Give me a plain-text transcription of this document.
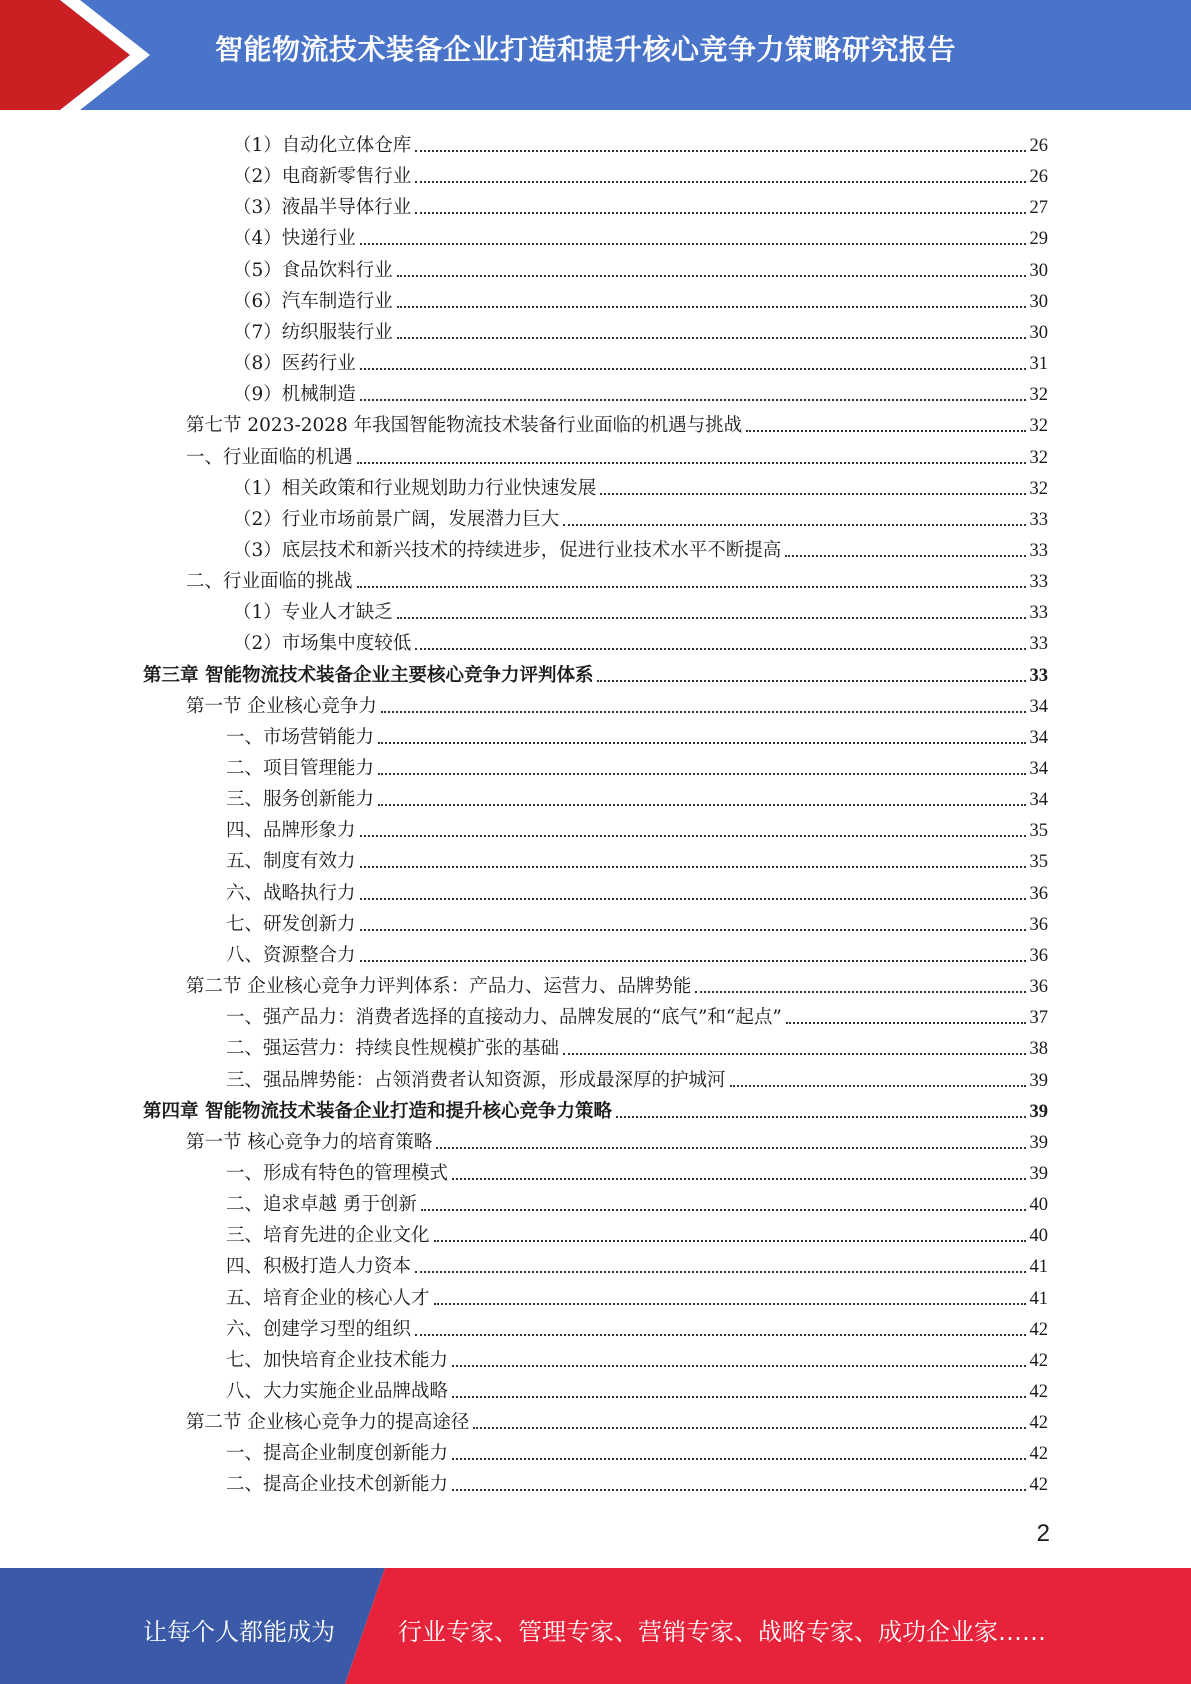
智能物流技术装备企业打造和提升核心竞争力策略研究报告
（1）自动化立体仓库	26
（2）电商新零售行业	26
（3）液晶半导体行业	27
（4）快递行业	29
（5）食品饮料行业	30
（6）汽车制造行业	30
（7）纺织服装行业	30
（8）医药行业	31
（9）机械制造	32
第七节 2023-2028 年我国智能物流技术装备行业面临的机遇与挑战	32
一、行业面临的机遇	32
（1）相关政策和行业规划助力行业快速发展	32
（2）行业市场前景广阔，发展潜力巨大	33
（3）底层技术和新兴技术的持续进步，促进行业技术水平不断提高	33
二、行业面临的挑战	33
（1）专业人才缺乏	33
（2）市场集中度较低	33
第三章 智能物流技术装备企业主要核心竞争力评判体系	33
第一节 企业核心竞争力	34
一、市场营销能力	34
二、项目管理能力	34
三、服务创新能力	34
四、品牌形象力	35
五、制度有效力	35
六、战略执行力	36
七、研发创新力	36
八、资源整合力	36
第二节 企业核心竞争力评判体系：产品力、运营力、品牌势能	36
一、强产品力：消费者选择的直接动力、品牌发展的“底气”和“起点”	37
二、强运营力：持续良性规模扩张的基础	38
三、强品牌势能：占领消费者认知资源，形成最深厚的护城河	39
第四章 智能物流技术装备企业打造和提升核心竞争力策略	39
第一节 核心竞争力的培育策略	39
一、形成有特色的管理模式	39
二、追求卓越 勇于创新	40
三、培育先进的企业文化	40
四、积极打造人力资本	41
五、培育企业的核心人才	41
六、创建学习型的组织	42
七、加快培育企业技术能力	42
八、大力实施企业品牌战略	42
第二节 企业核心竞争力的提高途径	42
一、提高企业制度创新能力	42
二、提高企业技术创新能力	42
2
让每个人都能成为	行业专家、管理专家、营销专家、战略专家、成功企业家……
